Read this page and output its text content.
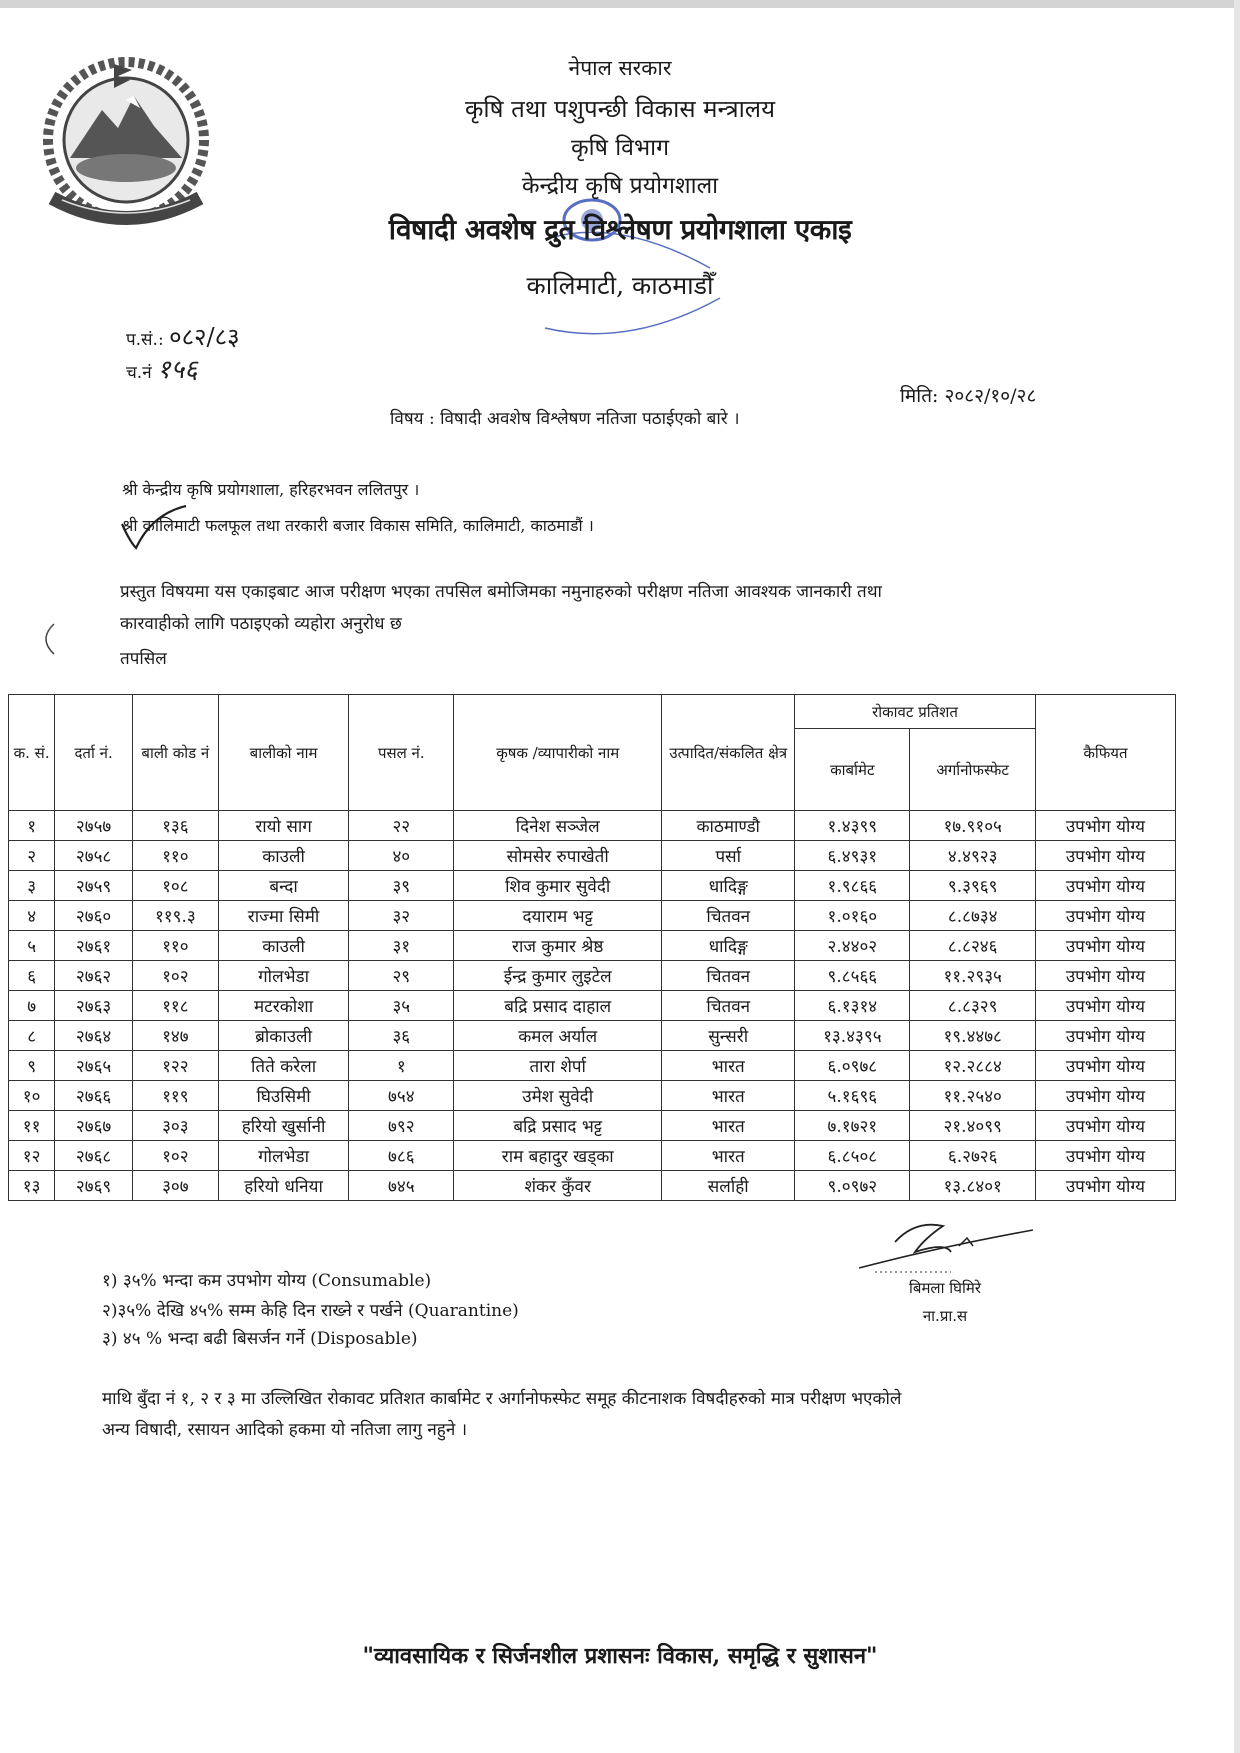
नेपाल सरकार
कृषि तथा पशुपन्छी विकास मन्त्रालय
कृषि विभाग
केन्द्रीय कृषि प्रयोगशाला
विषादी अवशेष द्रुत विश्लेषण प्रयोगशाला एकाइ
कालिमाटी, काठमाडौँ
प.सं.: ०८२/८३
च.नं १५६
मिति: २०८२/१०/२८
विषय : विषादी अवशेष विश्लेषण नतिजा पठाईएको बारे ।
श्री केन्द्रीय कृषि प्रयोगशाला, हरिहरभवन ललितपुर ।
श्री कालिमाटी फलफूल तथा तरकारी बजार विकास समिति, कालिमाटी, काठमाडौं ।
प्रस्तुत विषयमा यस एकाइबाट आज परीक्षण भएका तपसिल बमोजिमका नमुनाहरुको परीक्षण नतिजा आवश्यक जानकारी तथा
कारवाहीको लागि पठाइएको व्यहोरा अनुरोध छ
तपसिल
क. सं.	दर्ता नं.	बाली कोड नं	बालीको नाम	पसल नं.	कृषक /व्यापारीको नाम	उत्पादित/संकलित क्षेत्र	रोकावट प्रतिशत		कैफियत
							कार्बामेट	अर्गानोफस्फेट	
१	२७५७	१३६	रायो साग	२२	दिनेश सञ्जेल	काठमाण्डौ	१.४३९९	१७.९१०५	उपभोग योग्य
२	२७५८	११०	काउली	४०	सोमसेर रुपाखेती	पर्सा	६.४९३१	४.४९२३	उपभोग योग्य
३	२७५९	१०८	बन्दा	३९	शिव कुमार सुवेदी	धादिङ्ग	१.९८६६	९.३९६९	उपभोग योग्य
४	२७६०	११९.३	राज्मा सिमी	३२	दयाराम भट्ट	चितवन	१.०१६०	८.८७३४	उपभोग योग्य
५	२७६१	११०	काउली	३१	राज कुमार श्रेष्ठ	धादिङ्ग	२.४४०२	८.८२४६	उपभोग योग्य
६	२७६२	१०२	गोलभेडा	२९	ईन्द्र कुमार लुइटेल	चितवन	९.८५६६	११.२९३५	उपभोग योग्य
७	२७६३	११८	मटरकोशा	३५	बद्रि प्रसाद दाहाल	चितवन	६.१३१४	८.८३२९	उपभोग योग्य
८	२७६४	१४७	ब्रोकाउली	३६	कमल अर्याल	सुन्सरी	१३.४३९५	१९.४४७८	उपभोग योग्य
९	२७६५	१२२	तिते करेला	१	तारा शेर्पा	भारत	६.०९७८	१२.२८८४	उपभोग योग्य
१०	२७६६	११९	घिउसिमी	७५४	उमेश सुवेदी	भारत	५.१६९६	११.२५४०	उपभोग योग्य
११	२७६७	३०३	हरियो खुर्सानी	७९२	बद्रि प्रसाद भट्ट	भारत	७.१७२१	२१.४०९९	उपभोग योग्य
१२	२७६८	१०२	गोलभेडा	७८६	राम बहादुर खड्का	भारत	६.८५०८	६.२७२६	उपभोग योग्य
१३	२७६९	३०७	हरियो धनिया	७४५	शंकर कुँवर	सर्लाही	९.०९७२	१३.८४०१	उपभोग योग्य
१) ३५% भन्दा कम उपभोग योग्य (Consumable)
२)३५% देखि ४५% सम्म केहि दिन राख्ने र पर्खने (Quarantine)
३) ४५ % भन्दा बढी बिसर्जन गर्ने (Disposable)
बिमला घिमिरे
ना.प्रा.स
माथि बुँदा नं १, २ र ३ मा उल्लिखित रोकावट प्रतिशत कार्बामेट र अर्गानोफस्फेट समूह कीटनाशक विषदीहरुको मात्र परीक्षण भएकोले
अन्य विषादी, रसायन आदिको हकमा यो नतिजा लागु नहुने ।
"व्यावसायिक र सिर्जनशील प्रशासनः विकास, समृद्धि र सुशासन"
